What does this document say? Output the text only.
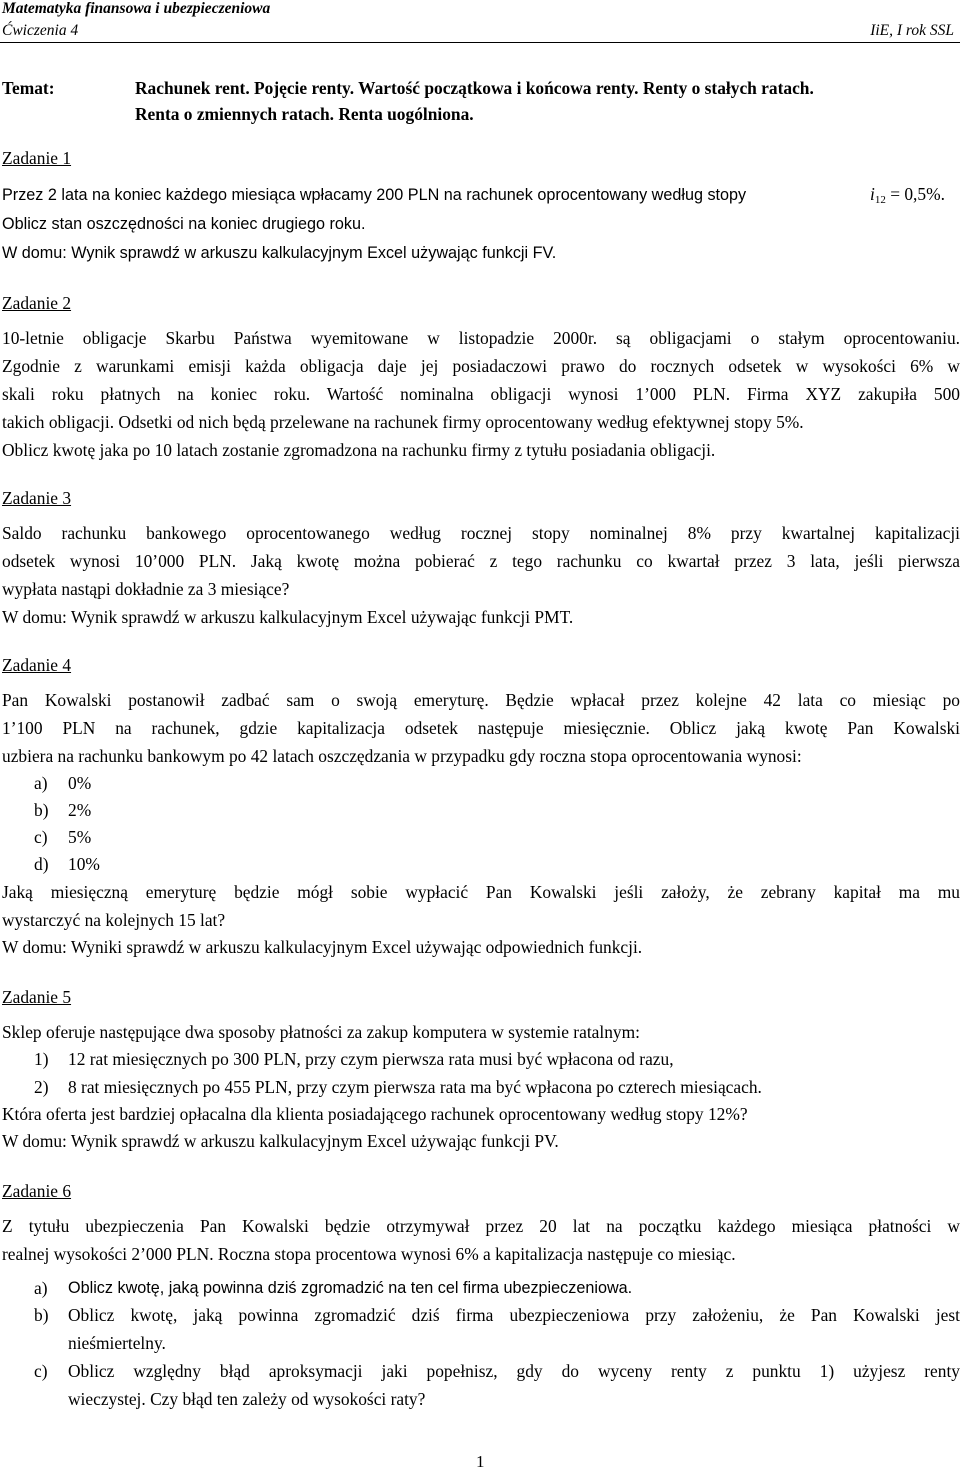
Matematyka finansowa i ubezpieczeniowa
Ćwiczenia 4	IiE, I rok SSL
Temat:	Rachunek rent. Pojęcie renty. Wartość początkowa i końcowa renty. Renty o stałych ratach.
Renta o zmiennych ratach. Renta uogólniona.
Zadanie 1
Przez 2 lata na koniec każdego miesiąca wpłacamy 200 PLN na rachunek oprocentowany według stopy	$i_{12} = 0,5\%$.
Oblicz stan oszczędności na koniec drugiego roku.
W domu: Wynik sprawdź w arkuszu kalkulacyjnym Excel używając funkcji FV.
Zadanie 2
10-letnie obligacje Skarbu Państwa wyemitowane w listopadzie 2000r. są obligacjami o stałym oprocentowaniu.
Zgodnie z warunkami emisji każda obligacja daje jej posiadaczowi prawo do rocznych odsetek w wysokości 6% w
skali roku płatnych na koniec roku. Wartość nominalna obligacji wynosi 1’000 PLN. Firma XYZ zakupiła 500
takich obligacji. Odsetki od nich będą przelewane na rachunek firmy oprocentowany według efektywnej stopy 5%.
Oblicz kwotę jaka po 10 latach zostanie zgromadzona na rachunku firmy z tytułu posiadania obligacji.
Zadanie 3
Saldo rachunku bankowego oprocentowanego według rocznej stopy nominalnej 8% przy kwartalnej kapitalizacji
odsetek wynosi 10’000 PLN. Jaką kwotę można pobierać z tego rachunku co kwartał przez 3 lata, jeśli pierwsza
wypłata nastąpi dokładnie za 3 miesiące?
W domu: Wynik sprawdź w arkuszu kalkulacyjnym Excel używając funkcji PMT.
Zadanie 4
Pan Kowalski postanowił zadbać sam o swoją emeryturę. Będzie wpłacał przez kolejne 42 lata co miesiąc po
1’100 PLN na rachunek, gdzie kapitalizacja odsetek następuje miesięcznie. Oblicz jaką kwotę Pan Kowalski
uzbiera na rachunku bankowym po 42 latach oszczędzania w przypadku gdy roczna stopa oprocentowania wynosi:
a) 0%
b) 2%
c) 5%
d) 10%
Jaką miesięczną emeryturę będzie mógł sobie wypłacić Pan Kowalski jeśli założy, że zebrany kapitał ma mu
wystarczyć na kolejnych 15 lat?
W domu: Wyniki sprawdź w arkuszu kalkulacyjnym Excel używając odpowiednich funkcji.
Zadanie 5
Sklep oferuje następujące dwa sposoby płatności za zakup komputera w systemie ratalnym:
1) 12 rat miesięcznych po 300 PLN, przy czym pierwsza rata musi być wpłacona od razu,
2) 8 rat miesięcznych po 455 PLN, przy czym pierwsza rata ma być wpłacona po czterech miesiącach.
Która oferta jest bardziej opłacalna dla klienta posiadającego rachunek oprocentowany według stopy 12%?
W domu: Wynik sprawdź w arkuszu kalkulacyjnym Excel używając funkcji PV.
Zadanie 6
Z tytułu ubezpieczenia Pan Kowalski będzie otrzymywał przez 20 lat na początku każdego miesiąca płatności w
realnej wysokości 2’000 PLN. Roczna stopa procentowa wynosi 6% a kapitalizacja następuje co miesiąc.
a) Oblicz kwotę, jaką powinna dziś zgromadzić na ten cel firma ubezpieczeniowa.
b) Oblicz kwotę, jaką powinna zgromadzić dziś firma ubezpieczeniowa przy założeniu, że Pan Kowalski jest
nieśmiertelny.
c) Oblicz względny błąd aproksymacji jaki popełnisz, gdy do wyceny renty z punktu 1) użyjesz renty
wieczystej. Czy błąd ten zależy od wysokości raty?
1
